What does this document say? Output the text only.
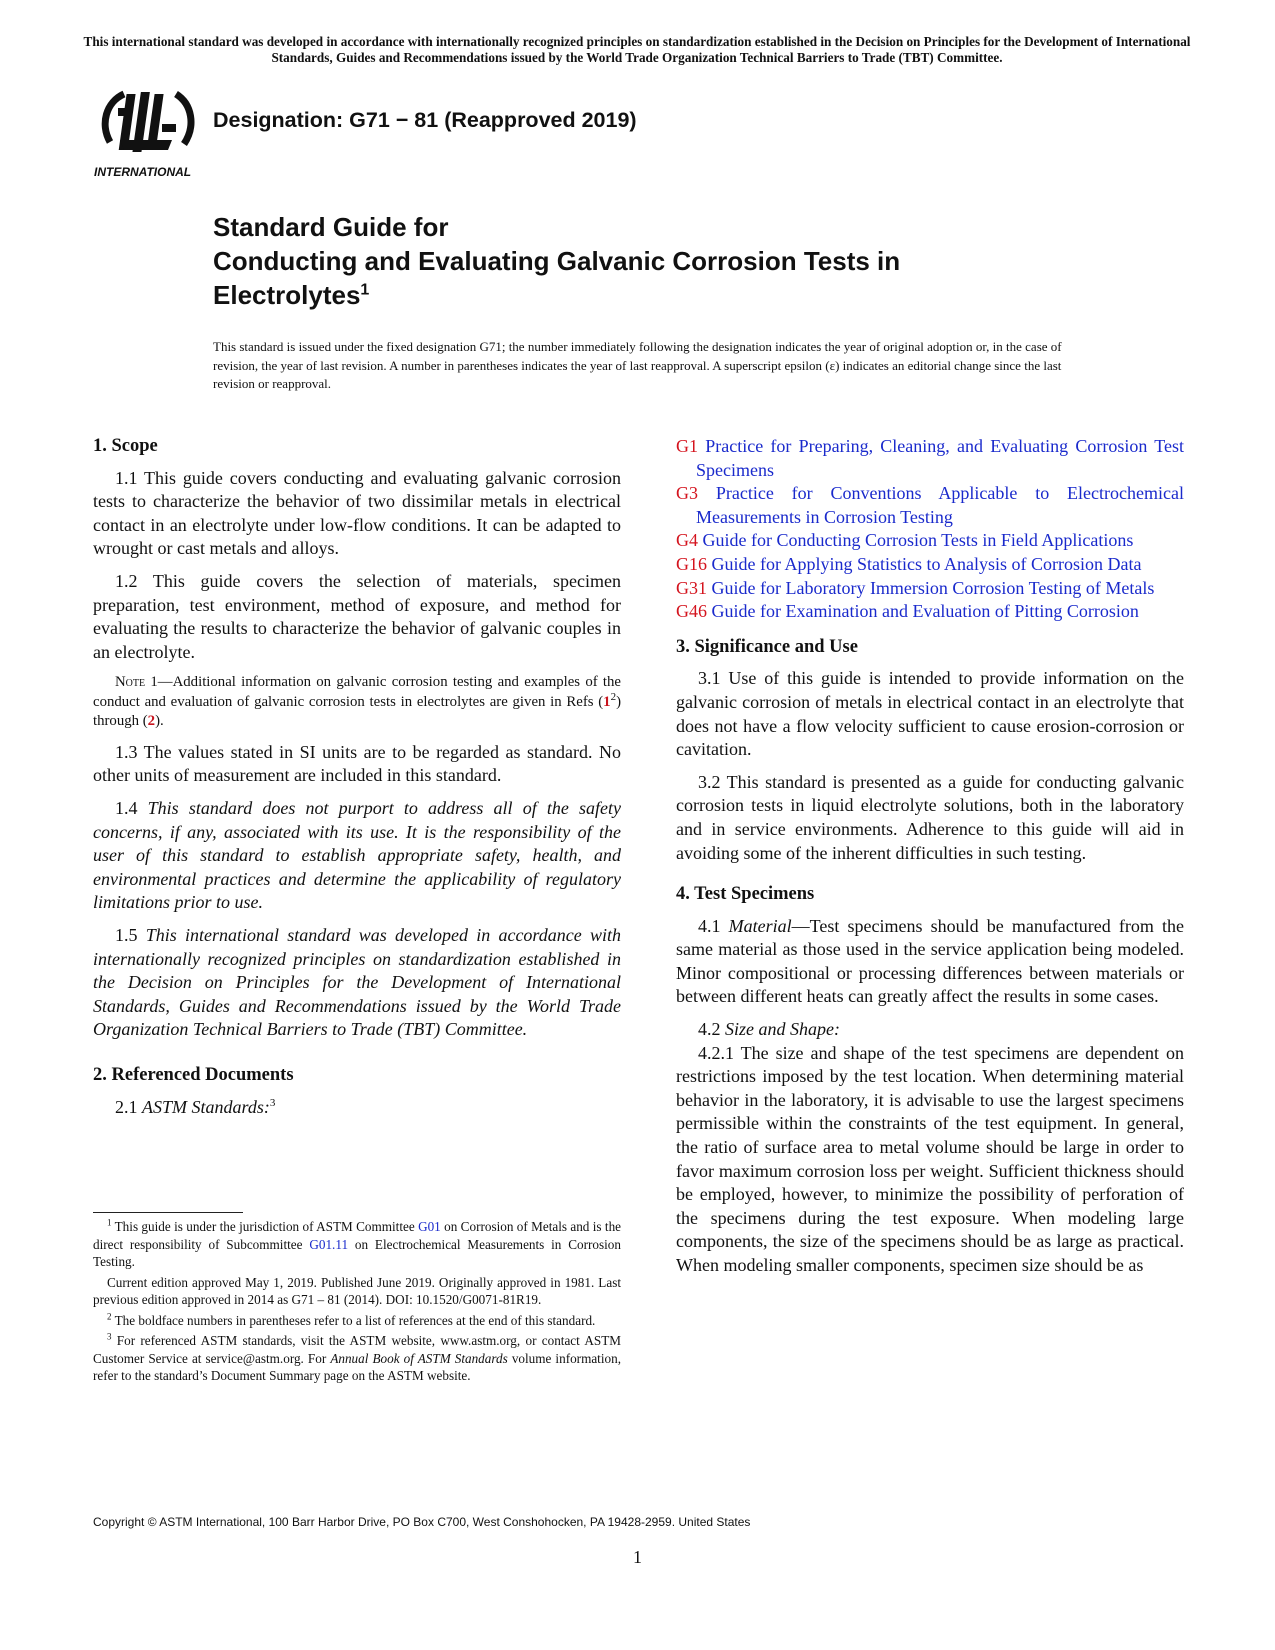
This international standard was developed in accordance with internationally recognized principles on standardization established in the Decision on Principles for the Development of International Standards, Guides and Recommendations issued by the World Trade Organization Technical Barriers to Trade (TBT) Committee.
INTERNATIONAL
Designation: G71 − 81 (Reapproved 2019)
Standard Guide for
Conducting and Evaluating Galvanic Corrosion Tests in
Electrolytes$^1$
This standard is issued under the fixed designation G71; the number immediately following the designation indicates the year of original adoption or, in the case of revision, the year of last revision. A number in parentheses indicates the year of last reapproval. A superscript epsilon (ε) indicates an editorial change since the last revision or reapproval.
1. Scope

1.1 This guide covers conducting and evaluating galvanic corrosion tests to characterize the behavior of two dissimilar metals in electrical contact in an electrolyte under low-flow conditions. It can be adapted to wrought or cast metals and alloys.

1.2 This guide covers the selection of materials, specimen preparation, test environment, method of exposure, and method for evaluating the results to characterize the behavior of galvanic couples in an electrolyte.

Note 1—Additional information on galvanic corrosion testing and examples of the conduct and evaluation of galvanic corrosion tests in electrolytes are given in Refs $(1^2)$ through (2).

1.3 The values stated in SI units are to be regarded as standard. No other units of measurement are included in this standard.

1.4 This standard does not purport to address all of the safety concerns, if any, associated with its use. It is the responsibility of the user of this standard to establish appropriate safety, health, and environmental practices and determine the applicability of regulatory limitations prior to use.

1.5 This international standard was developed in accordance with internationally recognized principles on standardization established in the Decision on Principles for the Development of International Standards, Guides and Recommendations issued by the World Trade Organization Technical Barriers to Trade (TBT) Committee.

2. Referenced Documents

2.1 ASTM Standards:$^3$

G1 Practice for Preparing, Cleaning, and Evaluating Corrosion Test Specimens
G3 Practice for Conventions Applicable to Electrochemical Measurements in Corrosion Testing
G4 Guide for Conducting Corrosion Tests in Field Applications
G16 Guide for Applying Statistics to Analysis of Corrosion Data
G31 Guide for Laboratory Immersion Corrosion Testing of Metals
G46 Guide for Examination and Evaluation of Pitting Corrosion
3. Significance and Use

3.1 Use of this guide is intended to provide information on the galvanic corrosion of metals in electrical contact in an electrolyte that does not have a flow velocity sufficient to cause erosion-corrosion or cavitation.

3.2 This standard is presented as a guide for conducting galvanic corrosion tests in liquid electrolyte solutions, both in the laboratory and in service environments. Adherence to this guide will aid in avoiding some of the inherent difficulties in such testing.

4. Test Specimens

4.1 Material—Test specimens should be manufactured from the same material as those used in the service application being modeled. Minor compositional or processing differences between materials or between different heats can greatly affect the results in some cases.

4.2 Size and Shape:

4.2.1 The size and shape of the test specimens are dependent on restrictions imposed by the test location. When determining material behavior in the laboratory, it is advisable to use the largest specimens permissible within the constraints of the test equipment. In general, the ratio of surface area to metal volume should be large in order to favor maximum corrosion loss per weight. Sufficient thickness should be employed, however, to minimize the possibility of perforation of the specimens during the test exposure. When modeling large components, the size of the specimens should be as large as practical. When modeling smaller components, specimen size should be as

$^1$ This guide is under the jurisdiction of ASTM Committee G01 on Corrosion of Metals and is the direct responsibility of Subcommittee G01.11 on Electrochemical Measurements in Corrosion Testing.

Current edition approved May 1, 2019. Published June 2019. Originally approved in 1981. Last previous edition approved in 2014 as G71 – 81 (2014). DOI: 10.1520/G0071-81R19.

$^2$ The boldface numbers in parentheses refer to a list of references at the end of this standard.

$^3$ For referenced ASTM standards, visit the ASTM website, www.astm.org, or contact ASTM Customer Service at service@astm.org. For Annual Book of ASTM Standards volume information, refer to the standard’s Document Summary page on the ASTM website.

Copyright © ASTM International, 100 Barr Harbor Drive, PO Box C700, West Conshohocken, PA 19428-2959. United States
1
